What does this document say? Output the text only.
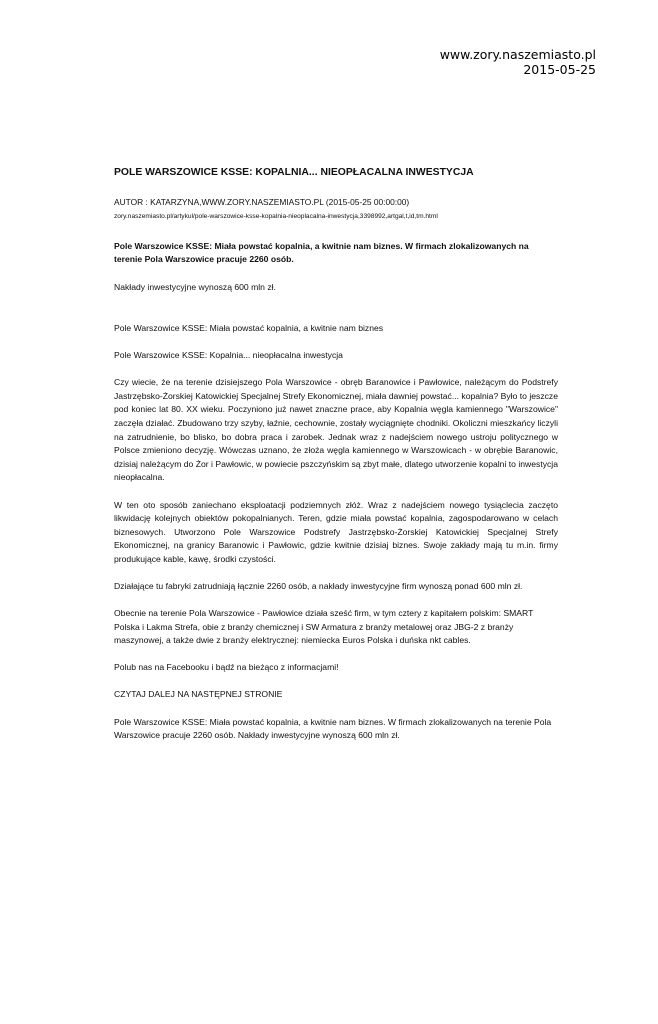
www.zory.naszemiasto.pl
2015-05-25
POLE WARSZOWICE KSSE: KOPALNIA... NIEOPŁACALNA INWESTYCJA
AUTOR : KATARZYNA,WWW.ZORY.NASZEMIASTO.PL (2015-05-25 00:00:00)
zory.naszemiasto.pl/artykul/pole-warszowice-ksse-kopalnia-nieoplacalna-inwestycja,3398992,artgal,t,id,tm.html

Pole Warszowice KSSE: Miała powstać kopalnia, a kwitnie nam biznes. W firmach zlokalizowanych na terenie Pola Warszowice pracuje 2260 osób.

Nakłady inwestycyjne wynoszą 600 mln zł.

Pole Warszowice KSSE: Miała powstać kopalnia, a kwitnie nam biznes

Pole Warszowice KSSE: Kopalnia... nieopłacalna inwestycja

Czy wiecie, że na terenie dzisiejszego Pola Warszowice - obręb Baranowice i Pawłowice, należącym do Podstrefy Jastrzębsko-Żorskiej Katowickiej Specjalnej Strefy Ekonomicznej, miała dawniej powstać... kopalnia? Było to jeszcze pod koniec lat 80. XX wieku. Poczyniono już nawet znaczne prace, aby Kopalnia węgla kamiennego "Warszowice" zaczęła działać. Zbudowano trzy szyby, łaźnie, cechownie, zostały wyciągnięte chodniki. Okoliczni mieszkańcy liczyli na zatrudnienie, bo blisko, bo dobra praca i zarobek. Jednak wraz z nadejściem nowego ustroju politycznego w Polsce zmieniono decyzję. Wówczas uznano, że złoża węgla kamiennego w Warszowicach - w obrębie Baranowic, dzisiaj należącym do Żor i Pawłowic, w powiecie pszczyńskim są zbyt małe, dlatego utworzenie kopalni to inwestycja nieopłacalna.

W ten oto sposób zaniechano eksploatacji podziemnych złóż. Wraz z nadejściem nowego tysiąclecia zaczęto likwidację kolejnych obiektów pokopalnianych. Teren, gdzie miała powstać kopalnia, zagospodarowano w celach biznesowych. Utworzono Pole Warszowice Podstrefy Jastrzębsko-Żorskiej Katowickiej Specjalnej Strefy Ekonomicznej, na granicy Baranowic i Pawłowic, gdzie kwitnie dzisiaj biznes. Swoje zakłady mają tu m.in. firmy produkujące kable, kawę, środki czystości.

Działające tu fabryki zatrudniają łącznie 2260 osób, a nakłady inwestycyjne firm wynoszą ponad 600 mln zł.

Obecnie na terenie Pola Warszowice - Pawłowice działa sześć firm, w tym cztery z kapitałem polskim: SMART Polska i Lakma Strefa, obie z branży chemicznej i SW Armatura z branży metalowej oraz JBG-2 z branży maszynowej, a także dwie z branży elektrycznej: niemiecka Euros Polska i duńska nkt cables.

Polub nas na Facebooku i bądź na bieżąco z informacjami!

CZYTAJ DALEJ NA NASTĘPNEJ STRONIE

Pole Warszowice KSSE: Miała powstać kopalnia, a kwitnie nam biznes. W firmach zlokalizowanych na terenie Pola Warszowice pracuje 2260 osób. Nakłady inwestycyjne wynoszą 600 mln zł.
